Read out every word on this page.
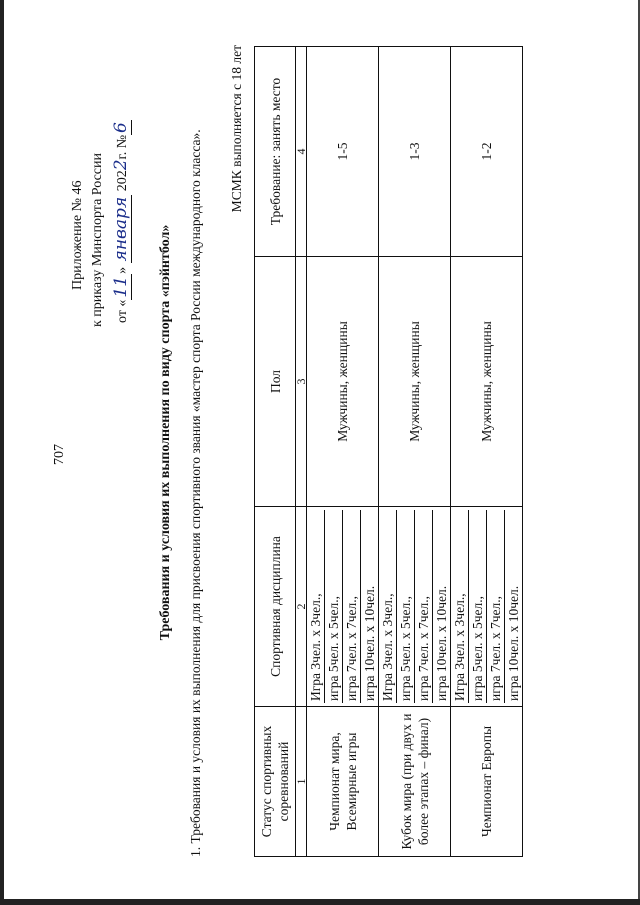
707
Приложение № 46 к приказу Минспорта России от «11» января 2022г. №6
Требования и условия их выполнения по виду спорта «пэйнтбол» 1. Требования и условия их выполнения для присвоения спортивного звания «мастер спорта России международного класса».
МСМК выполняется с 18 лет
Статус спортивных соревнований	Спортивная дисциплина	Пол	Требование: занять место
1	2	3	4
Чемпионат мира, Всемирные игры	Игра 3чел. х 3чел., игра 5чел. х 5чел., игра 7чел. х 7чел., игра 10чел. х 10чел.	Мужчины, женщины	1-5
Кубок мира (при двух и более этапах – финал)	Игра 3чел. х 3чел., игра 5чел. х 5чел., игра 7чел. х 7чел., игра 10чел. х 10чел.	Мужчины, женщины	1-3
Чемпионат Европы	Игра 3чел. х 3чел., игра 5чел. х 5чел., игра 7чел. х 7чел., игра 10чел. х 10чел.	Мужчины, женщины	1-2
